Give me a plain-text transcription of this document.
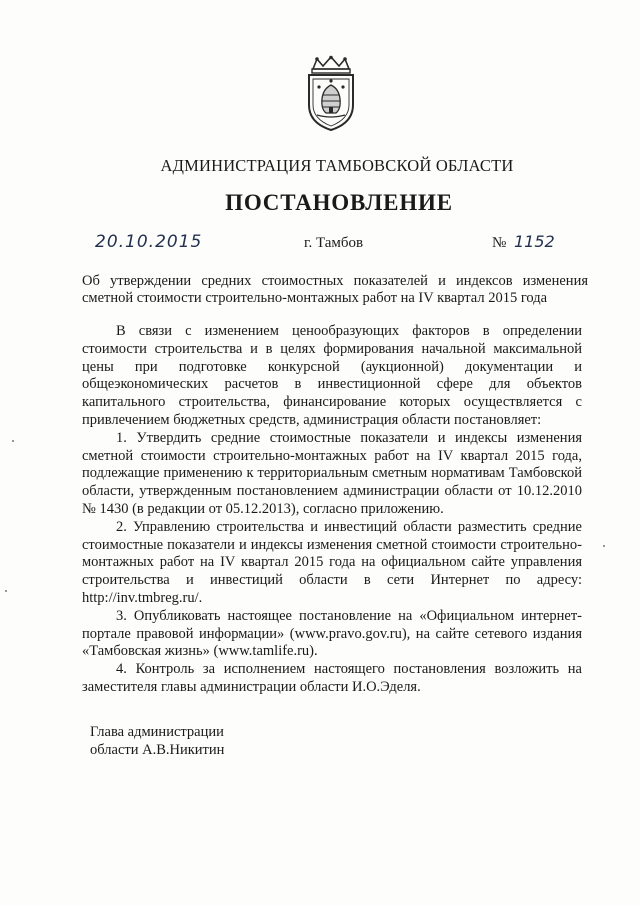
АДМИНИСТРАЦИЯ ТАМБОВСКОЙ ОБЛАСТИ
ПОСТАНОВЛЕНИЕ
20.10.2015	г. Тамбов	№ 1152

Об утверждении средних стоимостных показателей и индексов изменения

сметной стоимости строительно-монтажных работ на IV квартал 2015 года

В связи с изменением ценообразующих факторов в определении стоимости строительства и в целях формирования начальной максимальной цены при подготовке конкурсной (аукционной) документации и общеэкономических расчетов в инвестиционной сфере для объектов капитального строительства, финансирование которых осуществляется с привлечением бюджетных средств, администрация области постановляет:

1. Утвердить средние стоимостные показатели и индексы изменения сметной стоимости строительно-монтажных работ на IV квартал 2015 года, подлежащие применению к территориальным сметным нормативам Тамбовской области, утвержденным постановлением администрации области от 10.12.2010 № 1430 (в редакции от 05.12.2013), согласно приложению.

2. Управлению строительства и инвестиций области разместить средние стоимостные показатели и индексы изменения сметной стоимости строительно-монтажных работ на IV квартал 2015 года на официальном сайте управления строительства и инвестиций области в сети Интернет по адресу: http://inv.tmbreg.ru/.

3. Опубликовать настоящее постановление на «Официальном интернет-портале правовой информации» (www.pravo.gov.ru), на сайте сетевого издания «Тамбовская жизнь» (www.tamlife.ru).

4. Контроль за исполнением настоящего постановления возложить на заместителя главы администрации области И.О.Эделя.

Глава администрации
области А.В.Никитин
